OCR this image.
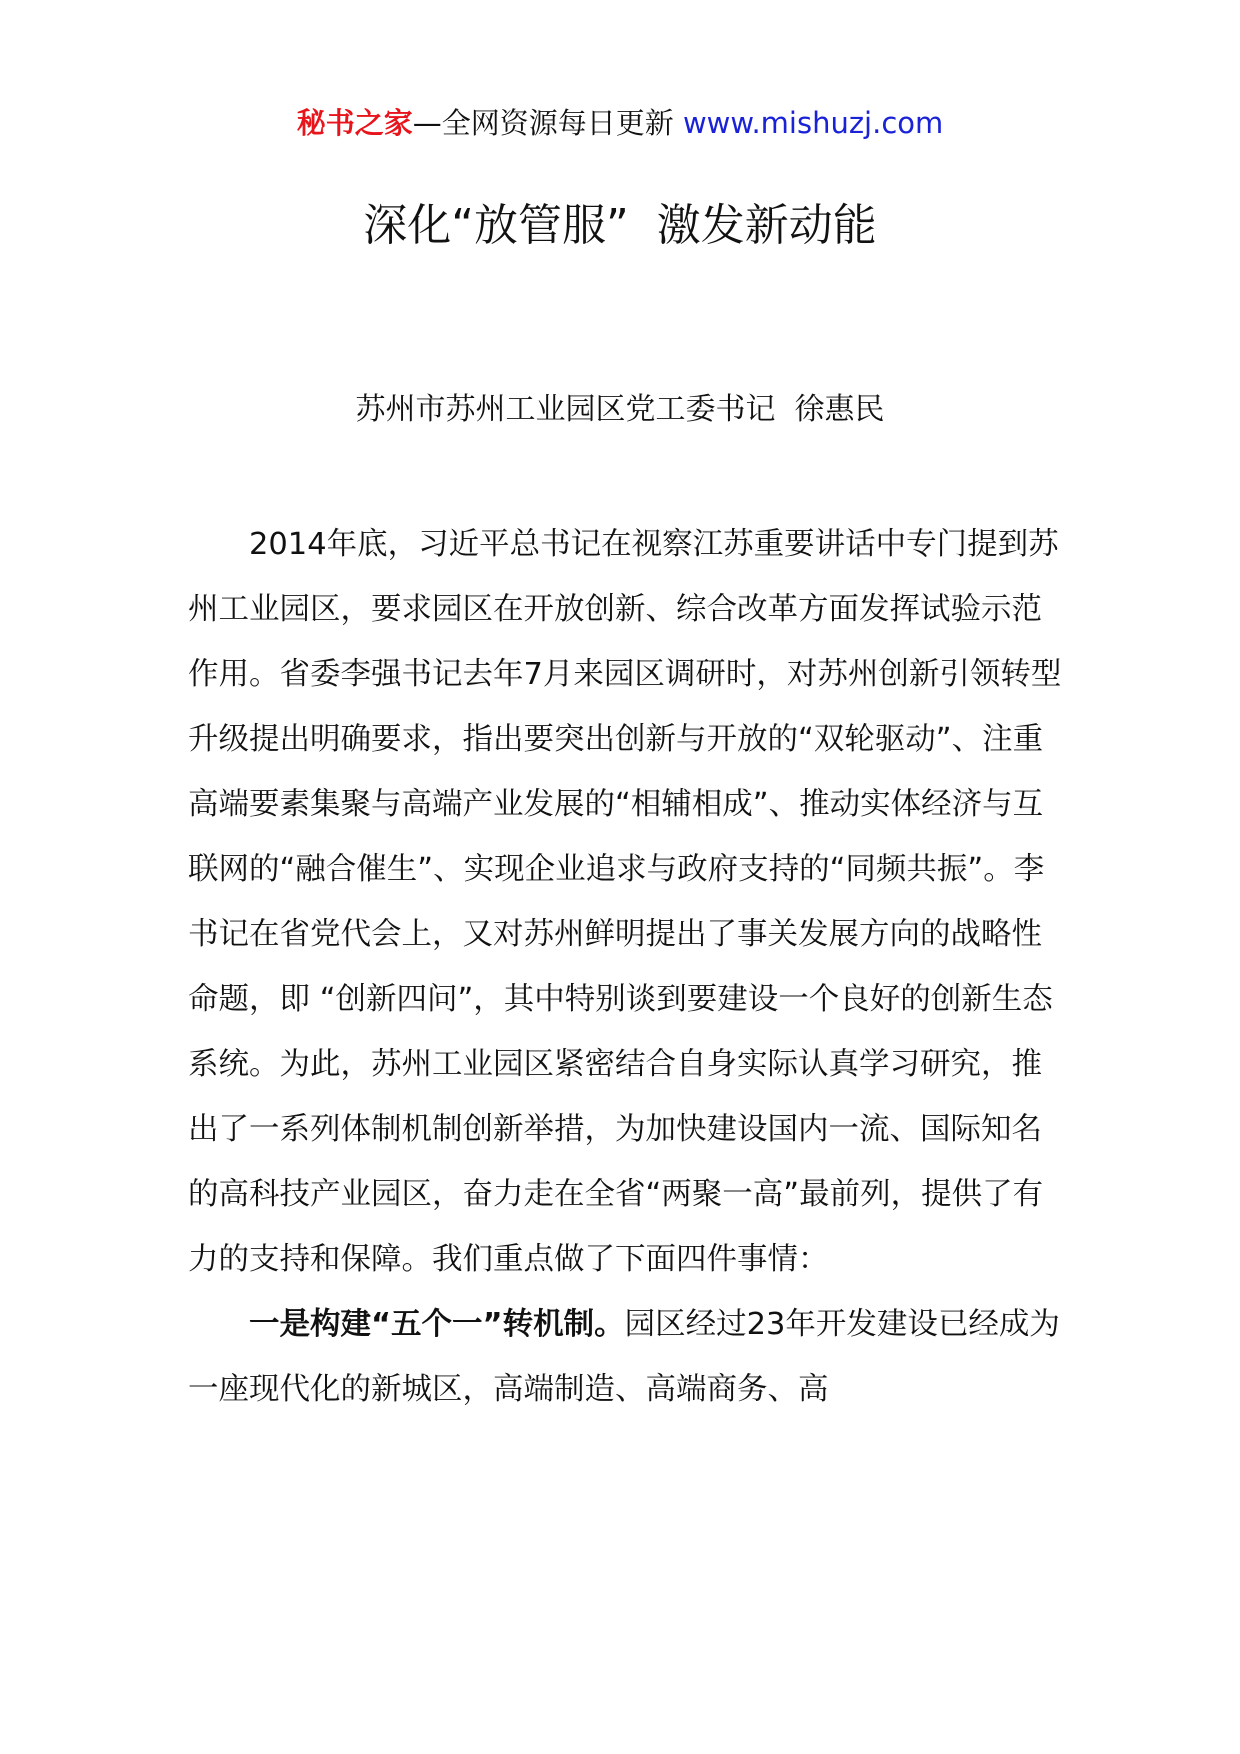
秘书之家—全网资源每日更新 www.mishuzj.com
深化“放管服”  激发新动能
苏州市苏州工业园区党工委书记  徐惠民

2014年底，习近平总书记在视察江苏重要讲话中专门提到苏州工业园区，要求园区在开放创新、综合改革方面发挥试验示范作用。省委李强书记去年7月来园区调研时，对苏州创新引领转型升级提出明确要求，指出要突出创新与开放的“双轮驱动”、注重高端要素集聚与高端产业发展的“相辅相成”、推动实体经济与互联网的“融合催生”、实现企业追求与政府支持的“同频共振”。李书记在省党代会上，又对苏州鲜明提出了事关发展方向的战略性命题，即 “创新四问”，其中特别谈到要建设一个良好的创新生态系统。为此，苏州工业园区紧密结合自身实际认真学习研究，推出了一系列体制机制创新举措，为加快建设国内一流、国际知名的高科技产业园区，奋力走在全省“两聚一高”最前列，提供了有力的支持和保障。我们重点做了下面四件事情：

一是构建“五个一”转机制。园区经过23年开发建设已经成为一座现代化的新城区，高端制造、高端商务、高
